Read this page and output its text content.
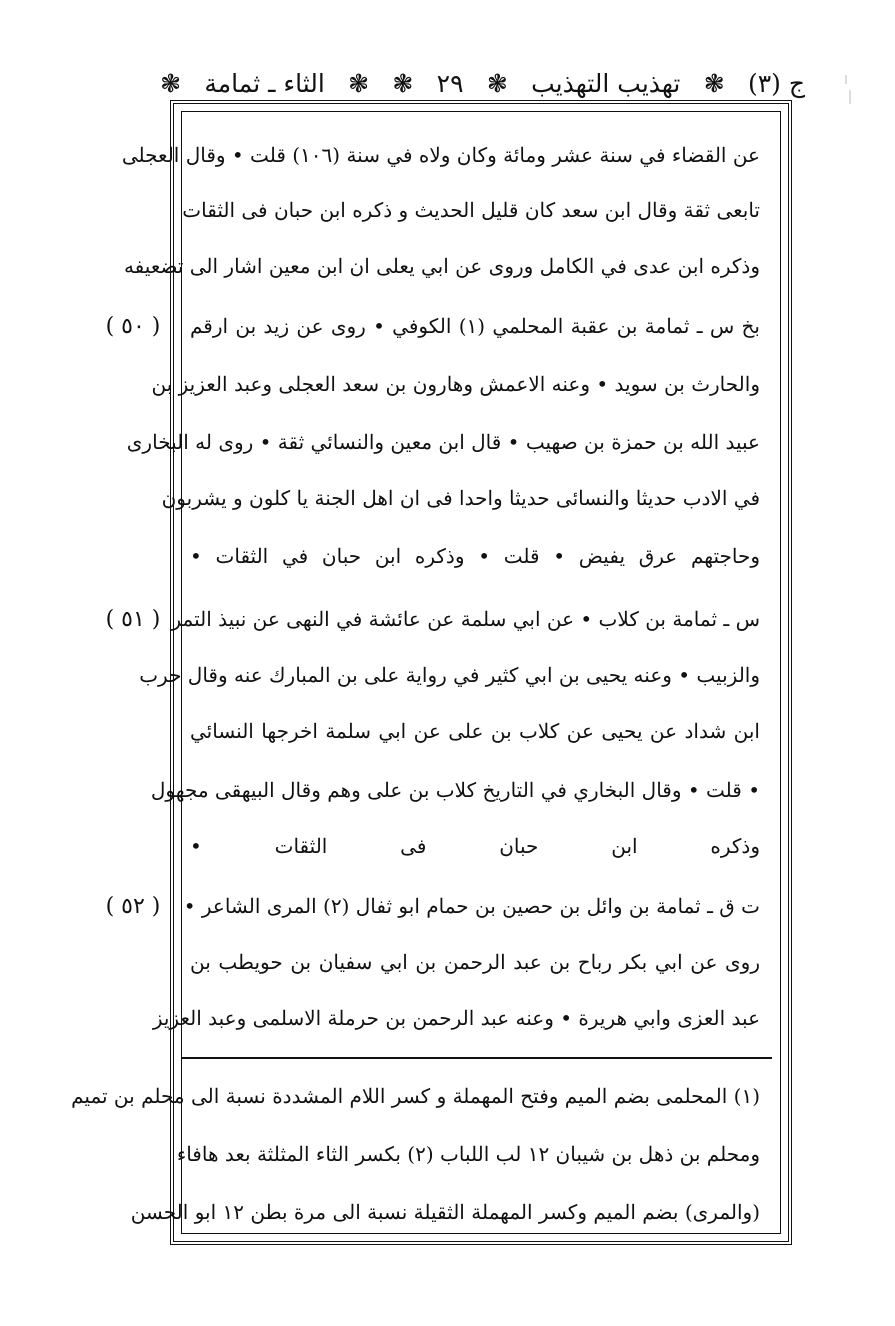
ج (٣)
❃
تهذيب التهذيب
❃
٢٩
❃
❃
الثاء ـ ثمامة
❃
عن القضاء في سنة عشر ومائة وكان ولاه في سنة (١٠٦) قلت • وقال العجلى
تابعى ثقة وقال ابن سعد كان قليل الحديث و ذكره ابن حبان فى الثقات
وذكره ابن عدى في الكامل وروى عن ابي يعلى ان ابن معين اشار الى تضعيفه
بخ س ـ ثمامة بن عقبة المحلمي (١) الكوفي • روى عن زيد بن ارقم
والحارث بن سويد • وعنه الاعمش وهارون بن سعد العجلى وعبد العزيز بن
عبيد الله بن حمزة بن صهيب • قال ابن معين والنسائي ثقة • روى له البخارى
في الادب حديثا والنسائى حديثا واحدا فى ان اهل الجنة يا كلون و يشربون
وحاجتهم عرق يفيض • قلت • وذكره ابن حبان في الثقات •
س ـ ثمامة بن كلاب • عن ابي سلمة عن عائشة في النهى عن نبيذ التمر
والزبيب • وعنه يحيى بن ابي كثير في رواية على بن المبارك عنه وقال حرب
ابن شداد عن يحيى عن كلاب بن على عن ابي سلمة اخرجها النسائي
• قلت • وقال البخاري في التاريخ كلاب بن على وهم وقال البيهقى مجهول
وذكره ابن حبان فى الثقات •
ت ق ـ ثمامة بن وائل بن حصين بن حمام ابو ثفال (٢) المرى الشاعر •
روى عن ابي بكر رباح بن عبد الرحمن بن ابي سفيان بن حويطب بن
عبد العزى وابي هريرة • وعنه عبد الرحمن بن حرملة الاسلمى وعبد العزيز
( ٥٠ )
( ٥١ )
( ٥٢ )
(١) المحلمى بضم الميم وفتح المهملة و كسر اللام المشددة نسبة الى محلم بن تميم
ومحلم بن ذهل بن شيبان ١٢ لب اللباب (٢) بكسر الثاء المثلثة بعد هافاء
(والمرى) بضم الميم وكسر المهملة الثقيلة نسبة الى مرة بطن ١٢ ابو الحسن
